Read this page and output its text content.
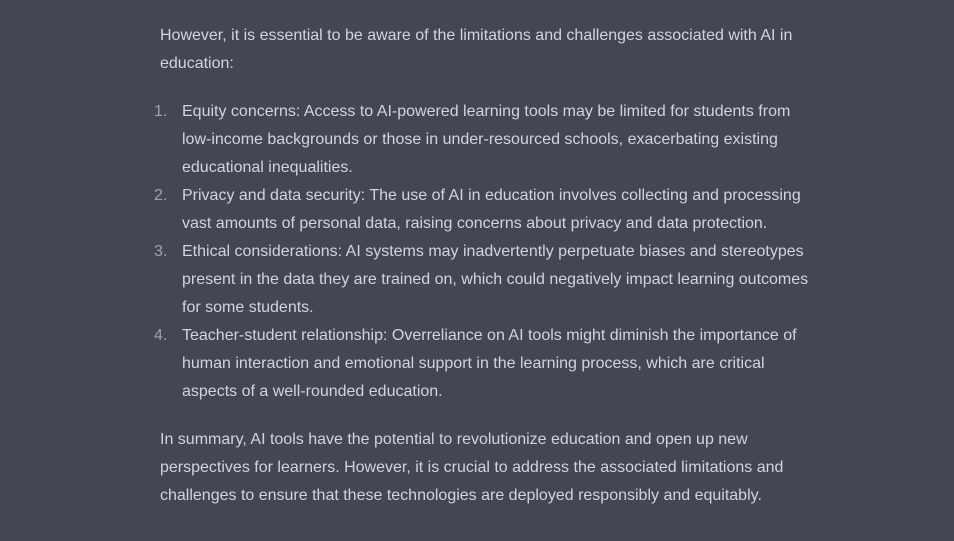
However, it is essential to be aware of the limitations and challenges associated with AI in education:

1. Equity concerns: Access to AI-powered learning tools may be limited for students from low-income backgrounds or those in under-resourced schools, exacerbating existing educational inequalities.
2. Privacy and data security: The use of AI in education involves collecting and processing vast amounts of personal data, raising concerns about privacy and data protection.
3. Ethical considerations: AI systems may inadvertently perpetuate biases and stereotypes present in the data they are trained on, which could negatively impact learning outcomes for some students.
4. Teacher-student relationship: Overreliance on AI tools might diminish the importance of human interaction and emotional support in the learning process, which are critical aspects of a well-rounded education.

In summary, AI tools have the potential to revolutionize education and open up new perspectives for learners. However, it is crucial to address the associated limitations and challenges to ensure that these technologies are deployed responsibly and equitably.
